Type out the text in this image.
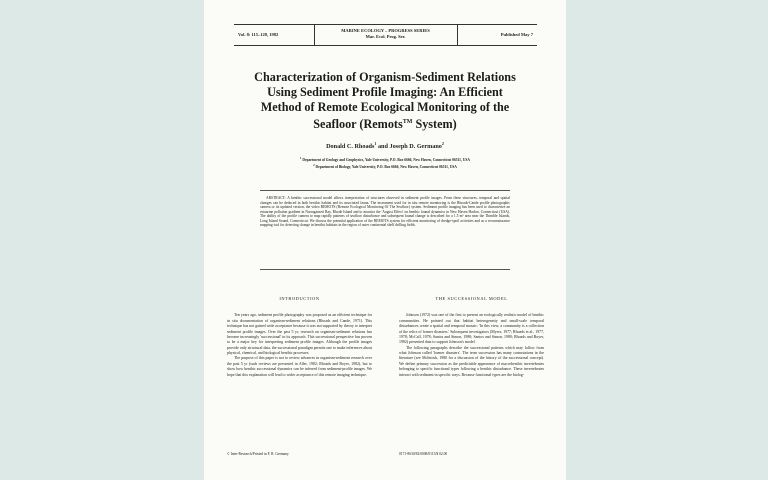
Vol. 8: 115–128, 1982
MARINE ECOLOGY – PROGRESS SERIES
Mar. Ecol. Prog. Ser.	Published May 7
Characterization of Organism-Sediment Relations
Using Sediment Profile Imaging: An Efficient
Method of Remote Ecological Monitoring of the
Seafloor (Remots™ System)
Donald C. Rhoads$^1$ and Joseph D. Germano$^2$
$^1$ Department of Geology and Geophysics, Yale University, P.O. Box 6666, New Haven, Connecticut 06511, USA
$^2$ Department of Biology, Yale University, P.O. Box 6666, New Haven, Connecticut 06511, USA

ABSTRACT: A benthic successional model allows interpretation of structures observed in sediment profile images. From these structures, temporal and spatial changes can be deduced in both benthic habitat and its associated fauna. The instrument used for in situ remote monitoring is the Rhoads-Cande profile photographic camera or its updated version, the video REMOTS (Remote Ecological Monitoring Of The Seafloor) system. Sediment profile imaging has been used to characterize an estuarine pollution gradient in Narragansett Bay, Rhode Island and to monitor the 'August Effect' on benthic faunal dynamics in New Haven Harbor, Connecticut (USA). The ability of the profile camera to map rapidly patterns of seafloor disturbance and subsequent faunal change is described for a 1.5 m² area near the Thimble Islands, Long Island Sound, Connecticut. We discuss the potential application of the REMOTS system for efficient monitoring of dredge-spoil activities and as a reconnaissance mapping tool for detecting change in benthic habitats in the region of outer continental shelf drilling fields.

INTRODUCTION

Ten years ago, sediment profile photography was proposed as an efficient technique for in situ documentation of organism-sediment relations (Rhoads and Cande, 1971). This technique has not gained wide acceptance because it was not supported by theory to interpret sediment profile images. Over the past 5 yr, research on organism-sediment relations has become increasingly 'successional' in its approach. This successional perspective has proven to be a major key for interpreting sediment profile images. Although the profile images provide only structural data, the successional paradigm permits one to make inferences about physical, chemical, and biological benthic processes.

The purpose of this paper is not to review advances in organism-sediment research over the past 5 yr (such reviews are presented in Aller, 1982; Rhoads and Boyer, 1982), but to show how benthic successional dynamics can be inferred from sediment-profile images. We hope that this explanation will lead to wider acceptance of this remote imaging technique.

THE SUCCESSIONAL MODEL

Johnson (1972) was one of the first to present an ecologically realistic model of benthic communities. He pointed out that habitat heterogeneity and small-scale temporal disturbances create a spatial and temporal mosaic: 'In this view, a community is a collection of the relics of former disasters.' Subsequent investigators (Myers, 1977; Rhoads et al., 1977, 1978; McCall, 1978; Santos and Simon, 1980; Santos and Simon, 1980; Rhoads and Boyer, 1982) presented data to support Johnson's model.

The following paragraphs describe the successional patterns which may follow from what Johnson called 'former disasters'. The term succession has many connotations in the literature (see McIntosh, 1980 for a discussion of the history of the successional concept). We define primary succession as the predictable appearance of macrobenthic invertebrates belonging to specific functional types following a benthic disturbance. These invertebrates interact with sediment in specific ways. Because functional types are the biolog-

© Inter-Research/Printed in F. R. Germany	0171-8630/82/0008/0115/$ 02.00
